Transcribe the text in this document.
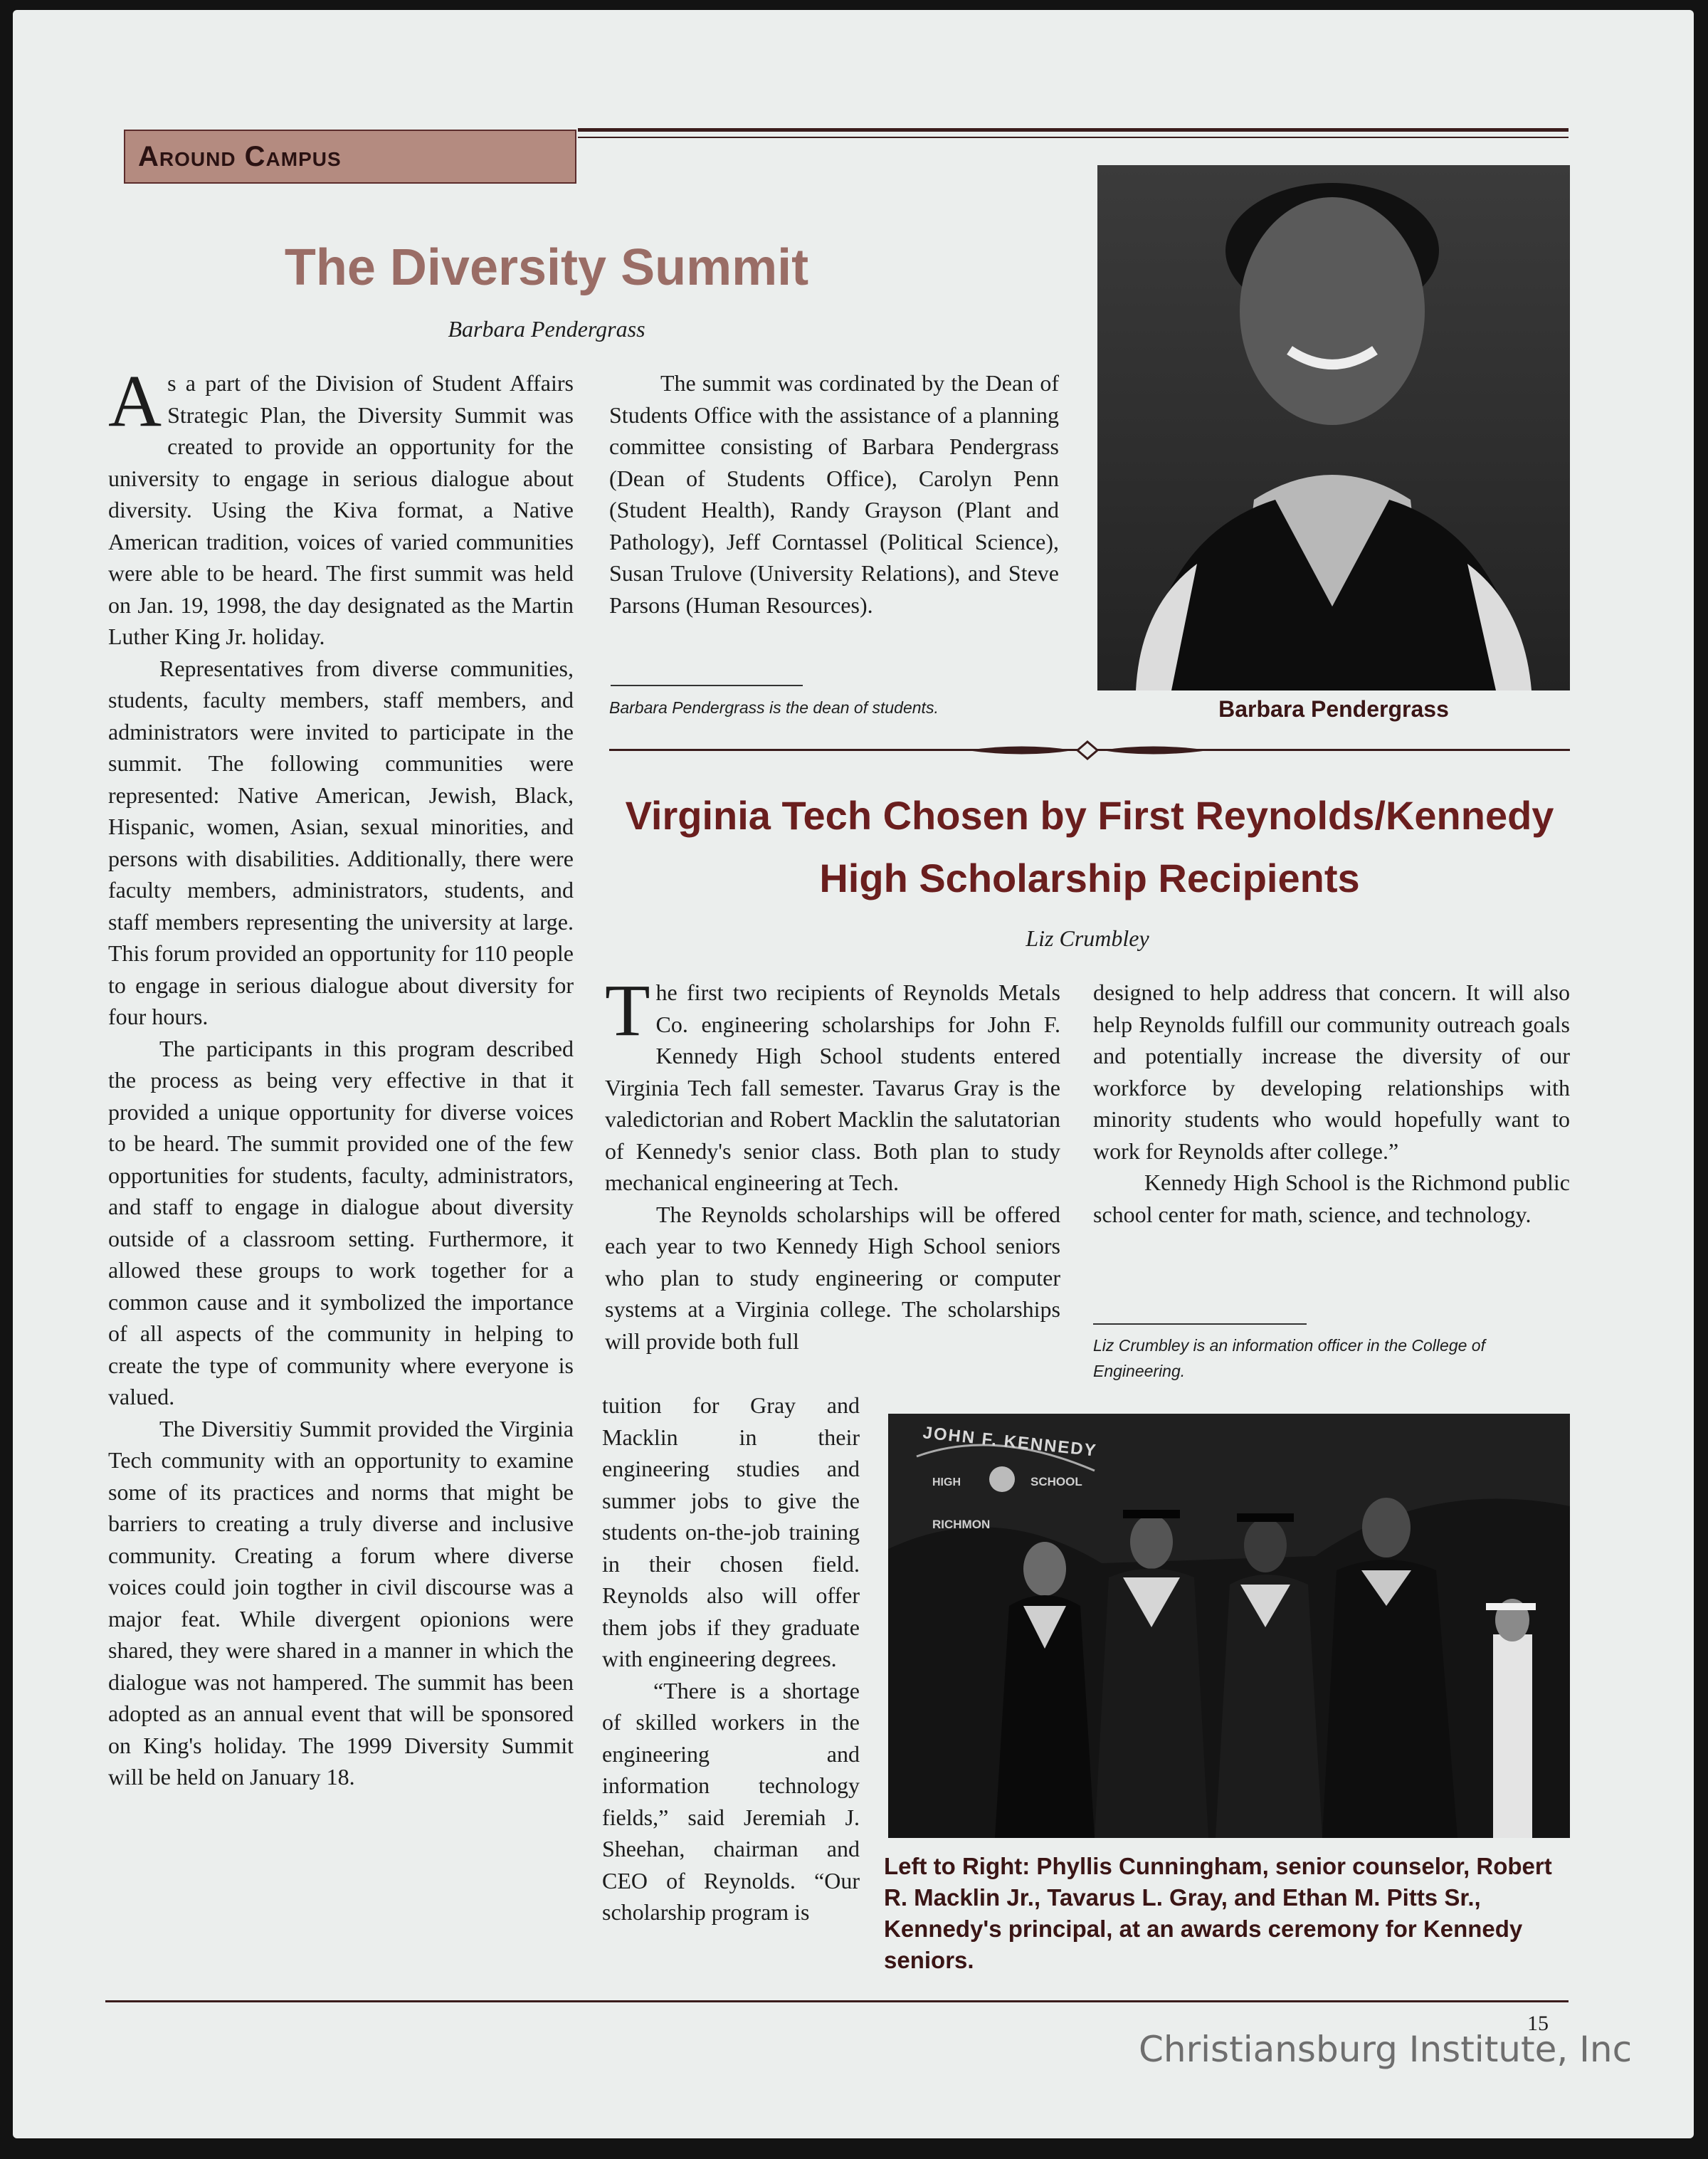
Around Campus
The Diversity Summit
Barbara Pendergrass

As a part of the Division of Student Affairs Strategic Plan, the Diversity Summit was created to provide an opportunity for the university to engage in serious dialogue about diversity. Using the Kiva format, a Native American tradition, voices of varied communities were able to be heard. The first summit was held on Jan. 19, 1998, the day designated as the Martin Luther King Jr. holiday.

Representatives from diverse communities, students, faculty members, staff members, and administrators were invited to participate in the summit. The following communities were represented: Native American, Jewish, Black, Hispanic, women, Asian, sexual minorities, and persons with disabilities. Additionally, there were faculty members, administrators, students, and staff members representing the university at large. This forum provided an opportunity for 110 people to engage in serious dialogue about diversity for four hours.

The participants in this program described the process as being very effective in that it provided a unique opportunity for diverse voices to be heard. The summit provided one of the few opportunities for students, faculty, administrators, and staff to engage in dialogue about diversity outside of a classroom setting. Furthermore, it allowed these groups to work together for a common cause and it symbolized the importance of all aspects of the community in helping to create the type of community where everyone is valued.

The Diversitiy Summit provided the Virginia Tech community with an opportunity to examine some of its practices and norms that might be barriers to creating a truly diverse and inclusive community. Creating a forum where diverse voices could join togther in civil discourse was a major feat. While divergent opionions were shared, they were shared in a manner in which the dialogue was not hampered. The summit has been adopted as an annual event that will be sponsored on King's holiday. The 1999 Diversity Summit will be held on January 18.

The summit was cordinated by the Dean of Students Office with the assistance of a planning committee consisting of Barbara Pendergrass (Dean of Students Office), Carolyn Penn (Student Health), Randy Grayson (Plant and Pathology), Jeff Corntassel (Political Science), Susan Trulove (University Relations), and Steve Parsons (Human Resources).

Barbara Pendergrass is the dean of students.	Barbara Pendergrass
Virginia Tech Chosen by First Reynolds/Kennedy High Scholarship Recipients
Liz Crumbley

The first two recipients of Reynolds Metals Co. engineering scholarships for John F. Kennedy High School students entered Virginia Tech fall semester. Tavarus Gray is the valedictorian and Robert Macklin the salutatorian of Kennedy's senior class. Both plan to study mechanical engineering at Tech.

The Reynolds scholarships will be offered each year to two Kennedy High School seniors who plan to study engineering or computer systems at a Virginia college. The scholarships will provide both full

tuition for Gray and Macklin in their engineering studies and summer jobs to give the students on-the-job training in their chosen field. Reynolds also will offer them jobs if they graduate with engineering degrees.

“There is a shortage of skilled workers in the engineering and information technology fields,” said Jeremiah J. Sheehan, chairman and CEO of Reynolds. “Our scholarship program is

designed to help address that concern. It will also help Reynolds fulfill our community outreach goals and potentially increase the diversity of our workforce by developing relationships with minority students who would hopefully want to work for Reynolds after college.”

Kennedy High School is the Richmond public school center for math, science, and technology.

Liz Crumbley is an information officer in the College of Engineering.
JOHN F. KENNEDY
HIGH	SCHOOL
RICHMON
Left to Right: Phyllis Cunningham, senior counselor, Robert R. Macklin Jr., Tavarus L. Gray, and Ethan M. Pitts Sr., Kennedy's principal, at an awards ceremony for Kennedy seniors.
15
Christiansburg Institute, Inc
